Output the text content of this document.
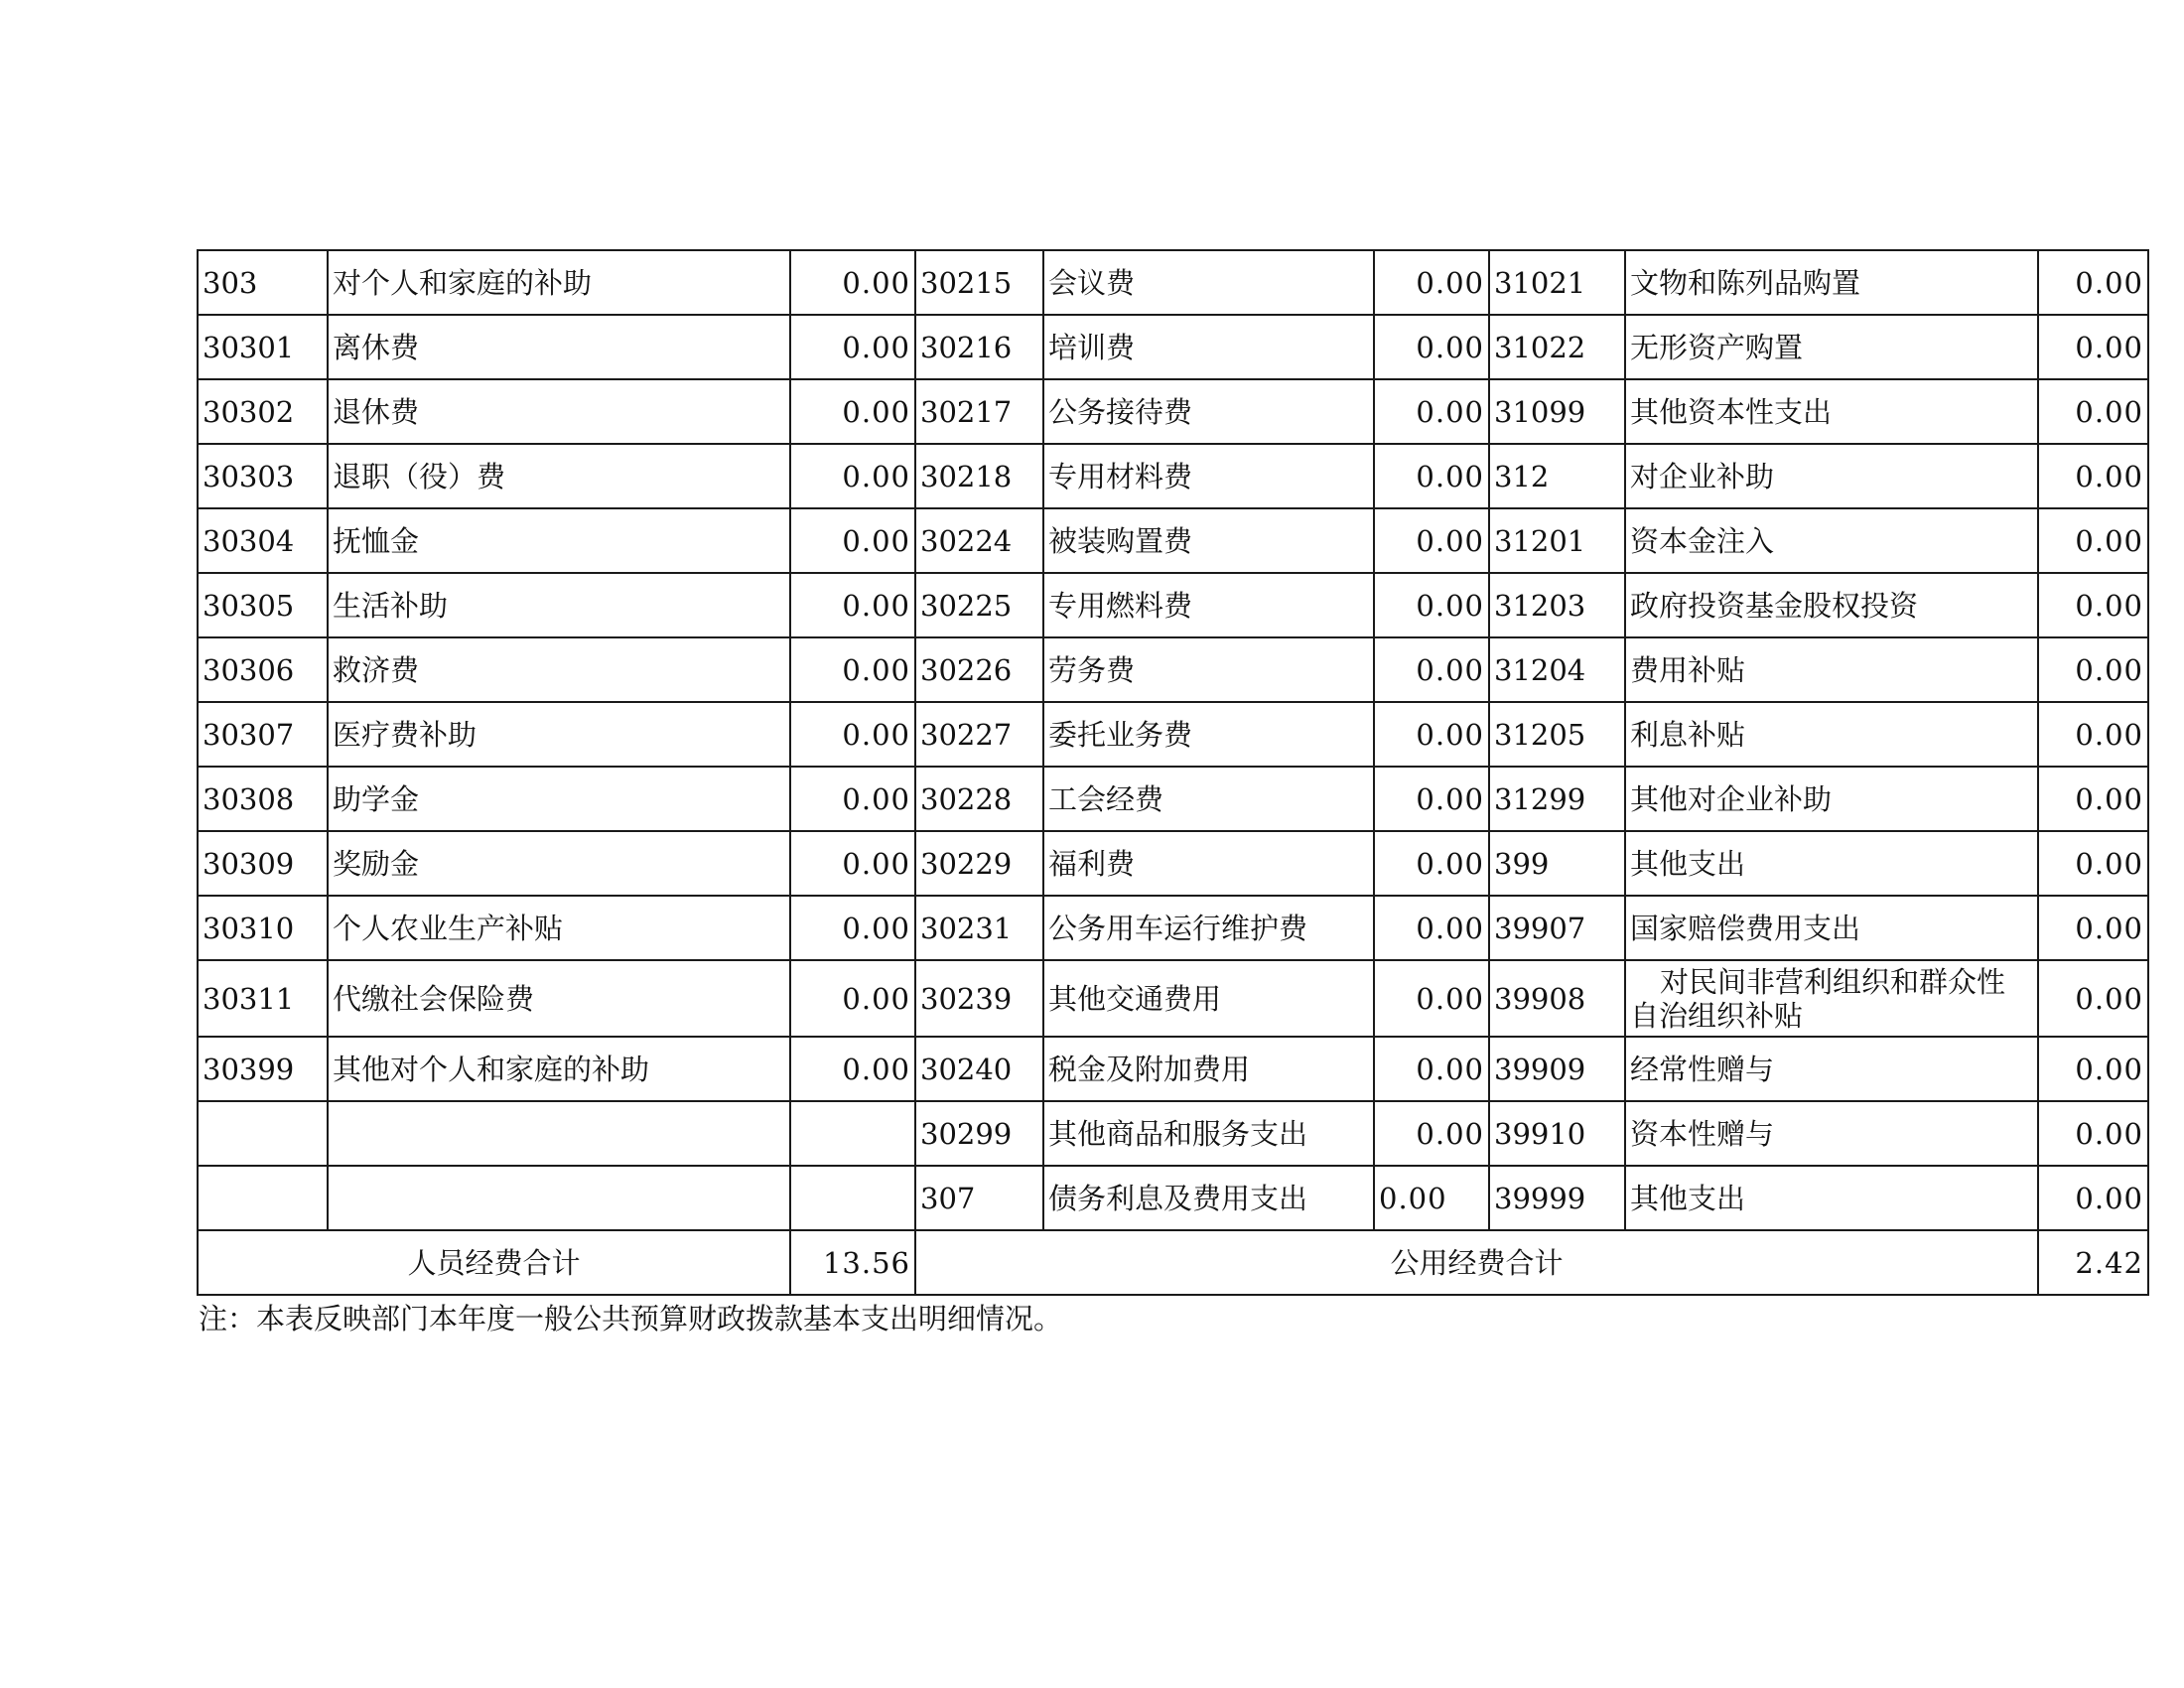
303	对个人和家庭的补助	0.00	30215	会议费	0.00	31021	文物和陈列品购置	0.00
30301	离休费	0.00	30216	培训费	0.00	31022	无形资产购置	0.00
30302	退休费	0.00	30217	公务接待费	0.00	31099	其他资本性支出	0.00
30303	退职（役）费	0.00	30218	专用材料费	0.00	312	对企业补助	0.00
30304	抚恤金	0.00	30224	被装购置费	0.00	31201	资本金注入	0.00
30305	生活补助	0.00	30225	专用燃料费	0.00	31203	政府投资基金股权投资	0.00
30306	救济费	0.00	30226	劳务费	0.00	31204	费用补贴	0.00
30307	医疗费补助	0.00	30227	委托业务费	0.00	31205	利息补贴	0.00
30308	助学金	0.00	30228	工会经费	0.00	31299	其他对企业补助	0.00
30309	奖励金	0.00	30229	福利费	0.00	399	其他支出	0.00
30310	个人农业生产补贴	0.00	30231	公务用车运行维护费	0.00	39907	国家赔偿费用支出	0.00
30311	代缴社会保险费	0.00	30239	其他交通费用	0.00	39908	对民间非营利组织和群众性自治组织补贴	0.00
30399	其他对个人和家庭的补助	0.00	30240	税金及附加费用	0.00	39909	经常性赠与	0.00
			30299	其他商品和服务支出	0.00	39910	资本性赠与	0.00
			307	债务利息及费用支出	0.00	39999	其他支出	0.00
人员经费合计		13.56	公用经费合计					2.42
注：本表反映部门本年度一般公共预算财政拨款基本支出明细情况。
